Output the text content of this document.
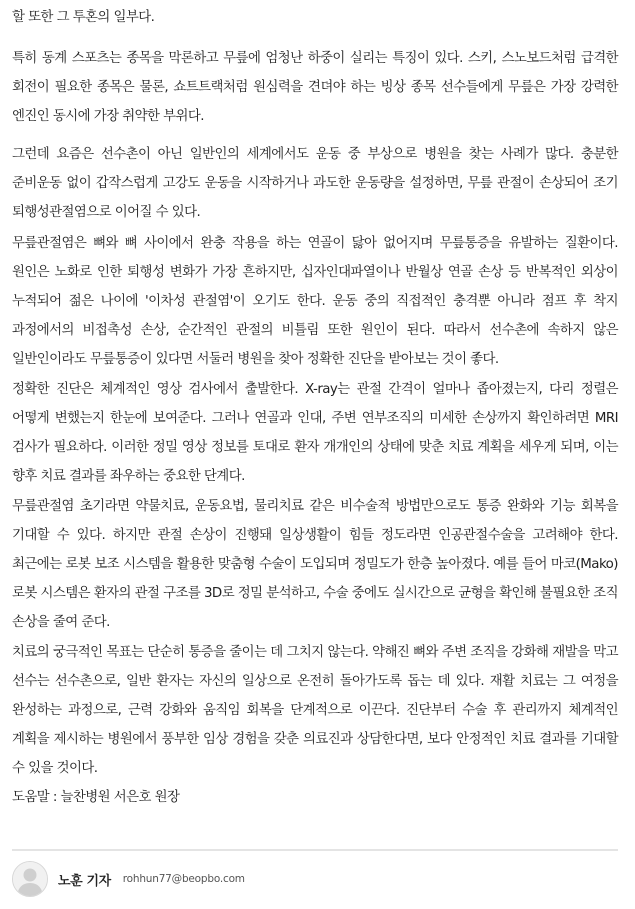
할 또한 그 투혼의 일부다.

특히 동계 스포츠는 종목을 막론하고 무릎에 엄청난 하중이 실리는 특징이 있다. 스키, 스노보드처럼 급격한 회전이 필요한 종목은 물론, 쇼트트랙처럼 원심력을 견뎌야 하는 빙상 종목 선수들에게 무릎은 가장 강력한 엔진인 동시에 가장 취약한 부위다.

그런데 요즘은 선수촌이 아닌 일반인의 세계에서도 운동 중 부상으로 병원을 찾는 사례가 많다. 충분한 준비운동 없이 갑작스럽게 고강도 운동을 시작하거나 과도한 운동량을 설정하면, 무릎 관절이 손상되어 조기 퇴행성관절염으로 이어질 수 있다.

무릎관절염은 뼈와 뼈 사이에서 완충 작용을 하는 연골이 닳아 없어지며 무릎통증을 유발하는 질환이다. 원인은 노화로 인한 퇴행성 변화가 가장 흔하지만, 십자인대파열이나 반월상 연골 손상 등 반복적인 외상이 누적되어 젊은 나이에 '이차성 관절염'이 오기도 한다. 운동 중의 직접적인 충격뿐 아니라 점프 후 착지 과정에서의 비접촉성 손상, 순간적인 관절의 비틀림 또한 원인이 된다. 따라서 선수촌에 속하지 않은 일반인이라도 무릎통증이 있다면 서둘러 병원을 찾아 정확한 진단을 받아보는 것이 좋다.

정확한 진단은 체계적인 영상 검사에서 출발한다. X-ray는 관절 간격이 얼마나 좁아졌는지, 다리 정렬은 어떻게 변했는지 한눈에 보여준다. 그러나 연골과 인대, 주변 연부조직의 미세한 손상까지 확인하려면 MRI 검사가 필요하다. 이러한 정밀 영상 정보를 토대로 환자 개개인의 상태에 맞춘 치료 계획을 세우게 되며, 이는 향후 치료 결과를 좌우하는 중요한 단계다.

무릎관절염 초기라면 약물치료, 운동요법, 물리치료 같은 비수술적 방법만으로도 통증 완화와 기능 회복을 기대할 수 있다. 하지만 관절 손상이 진행돼 일상생활이 힘들 정도라면 인공관절수술을 고려해야 한다. 최근에는 로봇 보조 시스템을 활용한 맞춤형 수술이 도입되며 정밀도가 한층 높아졌다. 예를 들어 마코(Mako) 로봇 시스템은 환자의 관절 구조를 3D로 정밀 분석하고, 수술 중에도 실시간으로 균형을 확인해 불필요한 조직 손상을 줄여 준다.

치료의 궁극적인 목표는 단순히 통증을 줄이는 데 그치지 않는다. 약해진 뼈와 주변 조직을 강화해 재발을 막고 선수는 선수촌으로, 일반 환자는 자신의 일상으로 온전히 돌아가도록 돕는 데 있다. 재활 치료는 그 여정을 완성하는 과정으로, 근력 강화와 움직임 회복을 단계적으로 이끈다. 진단부터 수술 후 관리까지 체계적인 계획을 제시하는 병원에서 풍부한 임상 경험을 갖춘 의료진과 상담한다면, 보다 안정적인 치료 결과를 기대할 수 있을 것이다.

도움말 : 늘찬병원 서은호 원장

노훈 기자 rohhun77@beopbo.com
